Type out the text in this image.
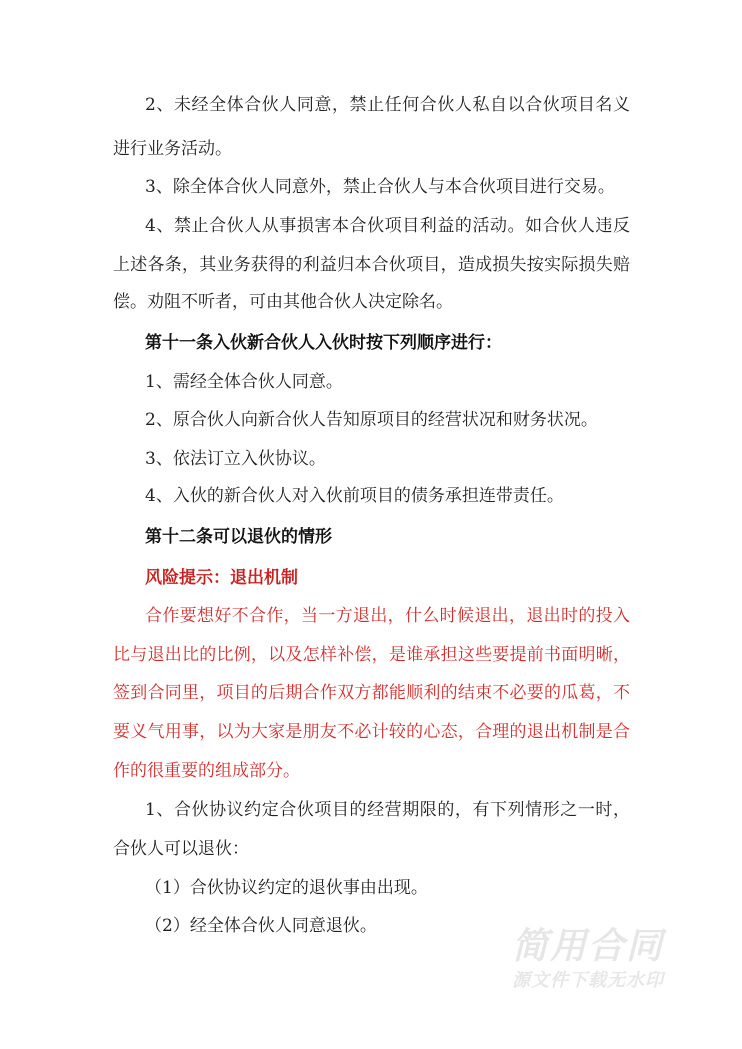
2、未经全体合伙人同意，禁止任何合伙人私自以合伙项目名义
进行业务活动。
3、除全体合伙人同意外，禁止合伙人与本合伙项目进行交易。
4、禁止合伙人从事损害本合伙项目利益的活动。如合伙人违反
上述各条，其业务获得的利益归本合伙项目，造成损失按实际损失赔
偿。劝阻不听者，可由其他合伙人决定除名。
第十一条入伙新合伙人入伙时按下列顺序进行：
1、需经全体合伙人同意。
2、原合伙人向新合伙人告知原项目的经营状况和财务状况。
3、依法订立入伙协议。
4、入伙的新合伙人对入伙前项目的债务承担连带责任。
第十二条可以退伙的情形
风险提示：退出机制
合作要想好不合作，当一方退出，什么时候退出，退出时的投入
比与退出比的比例，以及怎样补偿，是谁承担这些要提前书面明晰，
签到合同里，项目的后期合作双方都能顺利的结束不必要的瓜葛，不
要义气用事，以为大家是朋友不必计较的心态，合理的退出机制是合
作的很重要的组成部分。
1、合伙协议约定合伙项目的经营期限的，有下列情形之一时，
合伙人可以退伙：
（1）合伙协议约定的退伙事由出现。
（2）经全体合伙人同意退伙。	简用合同
源文件下载无水印
